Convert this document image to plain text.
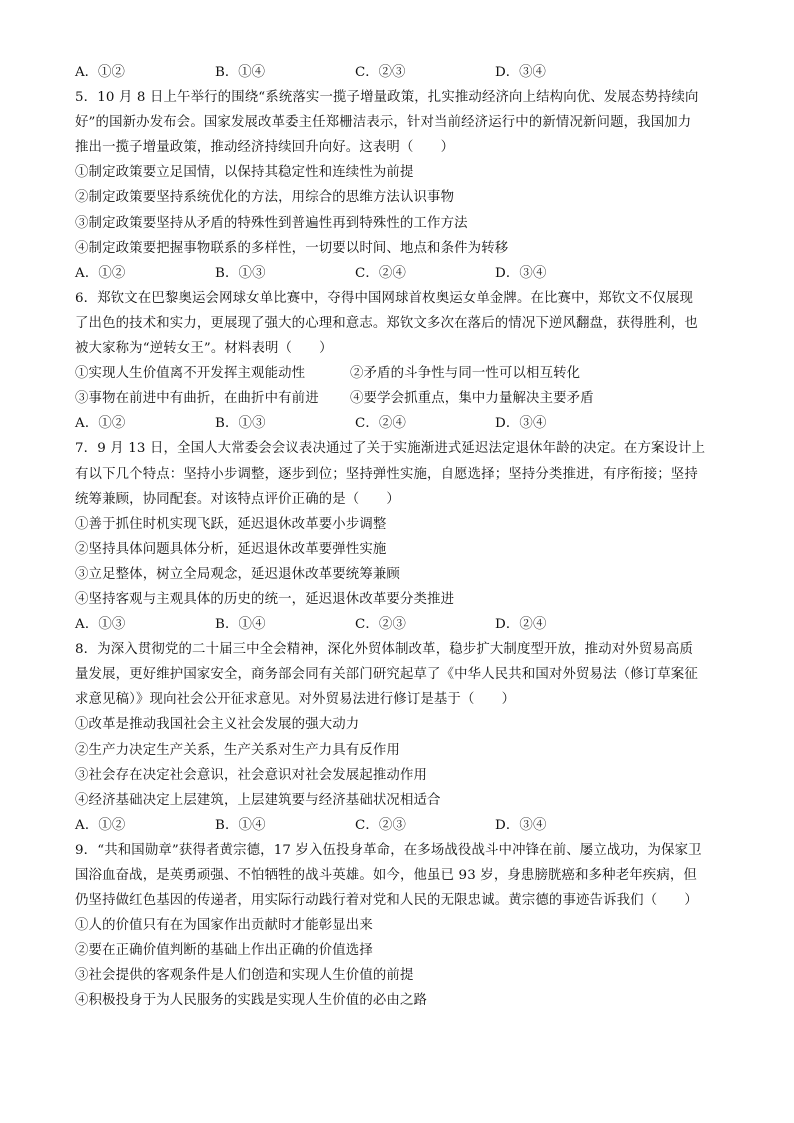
A．①②	B．①④	C．②③	D．③④
5．10 月 8 日上午举行的围绕“系统落实一揽子增量政策，扎实推动经济向上结构向优、发展态势持续向
好”的国新办发布会。国家发展改革委主任郑栅洁表示，针对当前经济运行中的新情况新问题，我国加力
推出一揽子增量政策，推动经济持续回升向好。这表明（　　）
①制定政策要立足国情，以保持其稳定性和连续性为前提
②制定政策要坚持系统优化的方法，用综合的思维方法认识事物
③制定政策要坚持从矛盾的特殊性到普遍性再到特殊性的工作方法
④制定政策要把握事物联系的多样性，一切要以时间、地点和条件为转移
A．①②	B．①③	C．②④	D．③④
6．郑钦文在巴黎奥运会网球女单比赛中，夺得中国网球首枚奥运女单金牌。在比赛中，郑钦文不仅展现
了出色的技术和实力，更展现了强大的心理和意志。郑钦文多次在落后的情况下逆风翻盘，获得胜利，也
被大家称为“逆转女王”。材料表明（　　）
①实现人生价值离不开发挥主观能动性	②矛盾的斗争性与同一性可以相互转化
③事物在前进中有曲折，在曲折中有前进	④要学会抓重点，集中力量解决主要矛盾
A．①②	B．①③	C．②④	D．③④
7．9 月 13 日，全国人大常委会会议表决通过了关于实施渐进式延迟法定退休年龄的决定。在方案设计上
有以下几个特点：坚持小步调整，逐步到位；坚持弹性实施，自愿选择；坚持分类推进，有序衔接；坚持
统筹兼顾，协同配套。对该特点评价正确的是（　　）
①善于抓住时机实现飞跃，延迟退休改革要小步调整
②坚持具体问题具体分析，延迟退休改革要弹性实施
③立足整体，树立全局观念，延迟退休改革要统筹兼顾
④坚持客观与主观具体的历史的统一，延迟退休改革要分类推进
A．①③	B．①④	C．②③	D．②④
8．为深入贯彻党的二十届三中全会精神，深化外贸体制改革，稳步扩大制度型开放，推动对外贸易高质
量发展，更好维护国家安全，商务部会同有关部门研究起草了《中华人民共和国对外贸易法（修订草案征
求意见稿）》现向社会公开征求意见。对外贸易法进行修订是基于（　　）
①改革是推动我国社会主义社会发展的强大动力
②生产力决定生产关系，生产关系对生产力具有反作用
③社会存在决定社会意识，社会意识对社会发展起推动作用
④经济基础决定上层建筑，上层建筑要与经济基础状况相适合
A．①②	B．①④	C．②③	D．③④
9．“共和国勋章”获得者黄宗德，17 岁入伍投身革命，在多场战役战斗中冲锋在前、屡立战功，为保家卫
国浴血奋战，是英勇顽强、不怕牺牲的战斗英雄。如今，他虽已 93 岁，身患膀胱癌和多种老年疾病，但
仍坚持做红色基因的传递者，用实际行动践行着对党和人民的无限忠诚。黄宗德的事迹告诉我们（　　）
①人的价值只有在为国家作出贡献时才能彰显出来
②要在正确价值判断的基础上作出正确的价值选择
③社会提供的客观条件是人们创造和实现人生价值的前提
④积极投身于为人民服务的实践是实现人生价值的必由之路
